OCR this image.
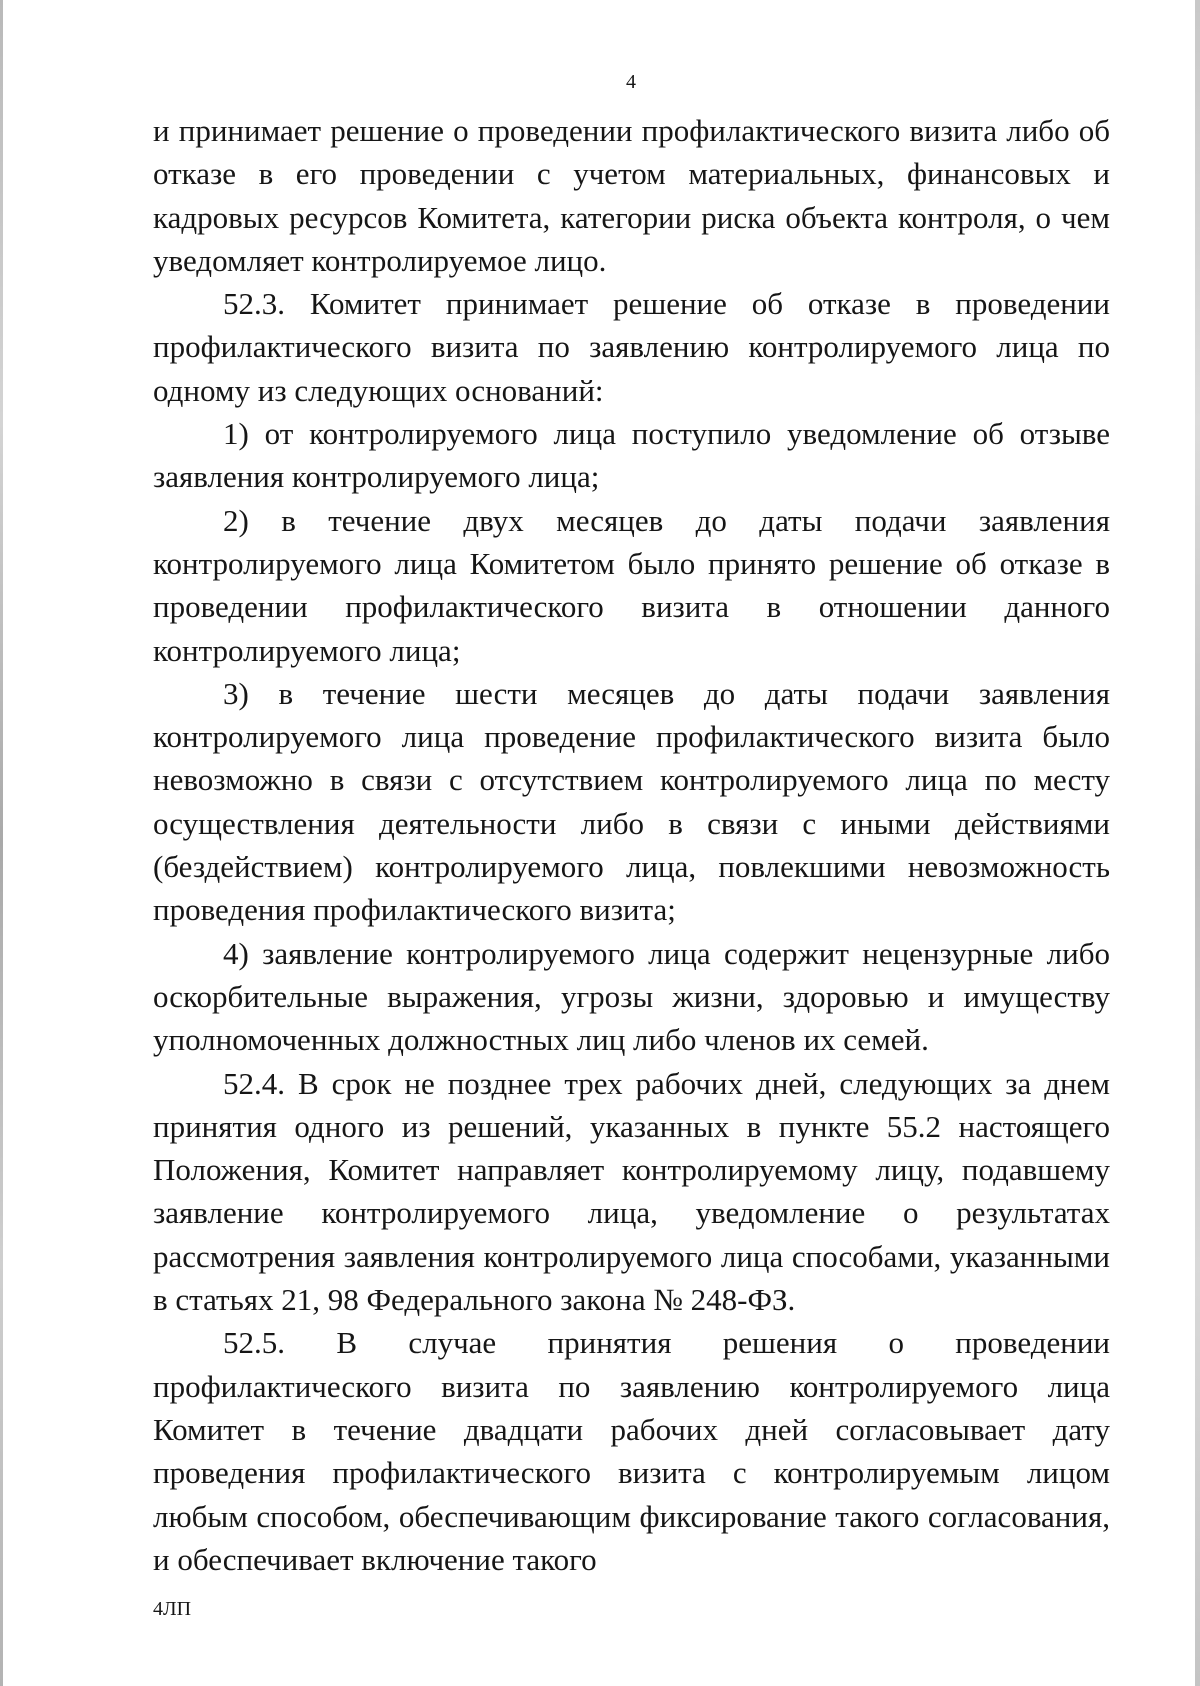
4

и принимает решение о проведении профилактического визита либо об отказе в его проведении с учетом материальных, финансовых и кадровых ресурсов Комитета, категории риска объекта контроля, о чем уведомляет контролируемое лицо.

52.3. Комитет принимает решение об отказе в проведении профилактического визита по заявлению контролируемого лица по одному из следующих оснований:

1) от контролируемого лица поступило уведомление об отзыве заявления контролируемого лица;

2) в течение двух месяцев до даты подачи заявления контролируемого лица Комитетом было принято решение об отказе в проведении профилактического визита в отношении данного контролируемого лица;

3) в течение шести месяцев до даты подачи заявления контролируемого лица проведение профилактического визита было невозможно в связи с отсутствием контролируемого лица по месту осуществления деятельности либо в связи с иными действиями (бездействием) контролируемого лица, повлекшими невозможность проведения профилактического визита;

4) заявление контролируемого лица содержит нецензурные либо оскорбительные выражения, угрозы жизни, здоровью и имуществу уполномоченных должностных лиц либо членов их семей.

52.4. В срок не позднее трех рабочих дней, следующих за днем принятия одного из решений, указанных в пункте 55.2 настоящего Положения, Комитет направляет контролируемому лицу, подавшему заявление контролируемого лица, уведомление о результатах рассмотрения заявления контролируемого лица способами, указанными в статьях 21, 98 Федерального закона № 248-ФЗ.

52.5. В случае принятия решения о проведении профилактического визита по заявлению контролируемого лица Комитет в течение двадцати рабочих дней согласовывает дату проведения профилактического визита с контролируемым лицом любым способом, обеспечивающим фиксирование такого согласования, и обеспечивает включение такого

4ЛП
